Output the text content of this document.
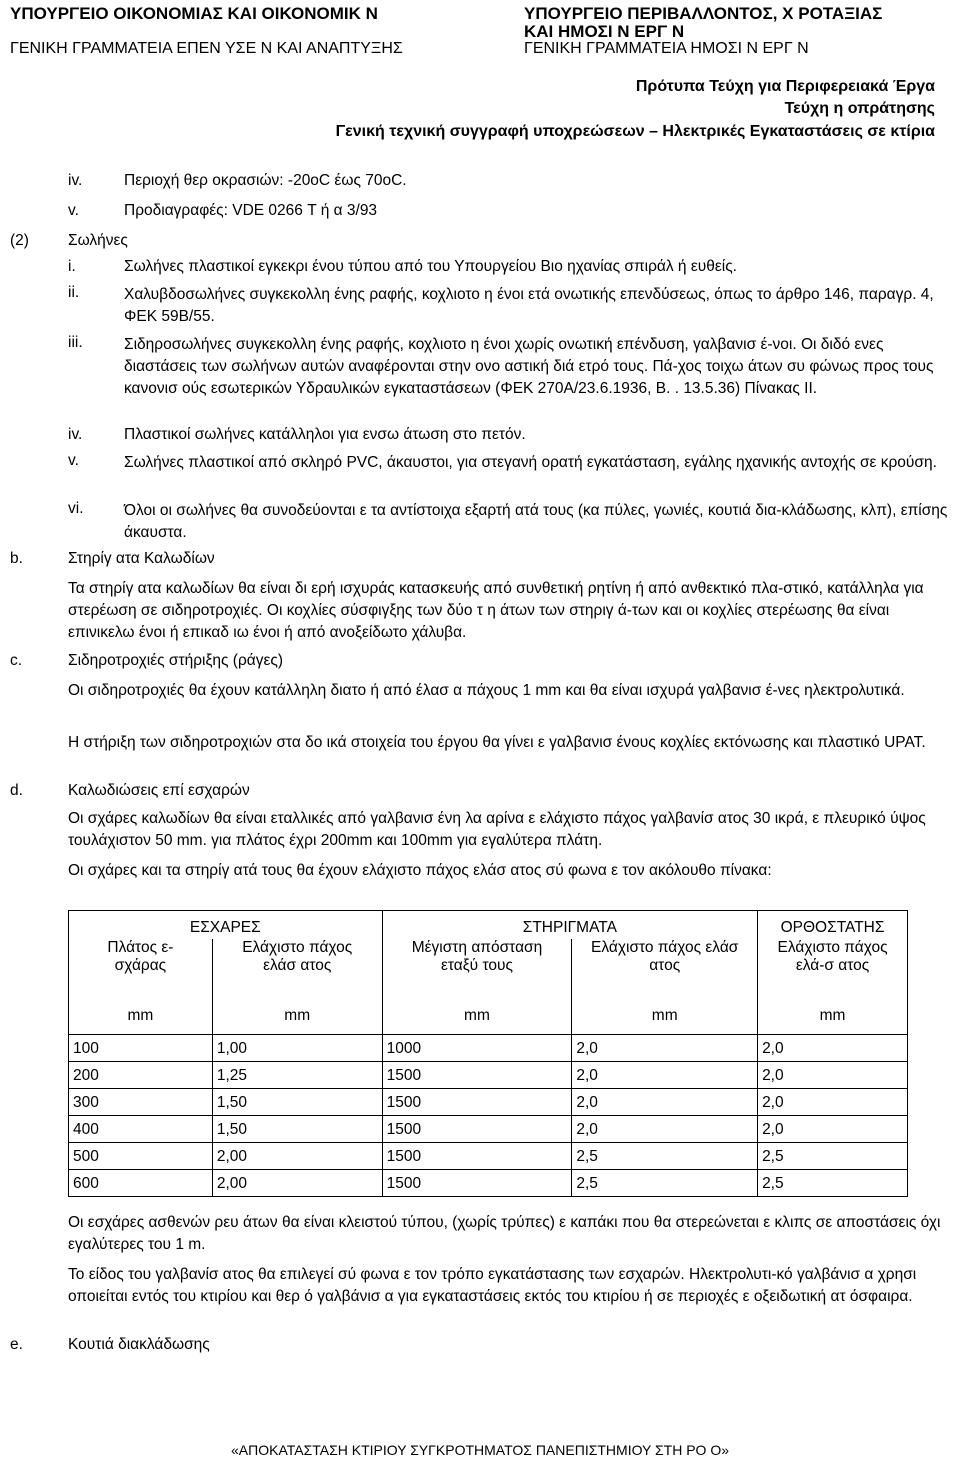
ΥΠΟΥΡΓΕΙΟ ΟΙΚΟΝΟΜΙΑΣ ΚΑΙ ΟΙΚΟΝΟΜΙΚ Ν
ΓΕΝΙΚΗ ΓΡΑΜΜΑΤΕΙΑ ΕΠΕΝ ΥΣΕ Ν ΚΑΙ ΑΝΑΠΤΥΞΗΣ
ΥΠΟΥΡΓΕΙΟ ΠΕΡΙΒΑΛΛΟΝΤΟΣ, Χ ΡΟΤΑΞΙΑΣ
ΚΑΙ ΗΜΟΣΙ Ν ΕΡΓ Ν
ΓΕΝΙΚΗ ΓΡΑΜΜΑΤΕΙΑ ΗΜΟΣΙ Ν ΕΡΓ Ν
Πρότυπα Τεύχη για Περιφερειακά Έργα
Τεύχη η οπράτησης
Γενική τεχνική συγγραφή υποχρεώσεων – Ηλεκτρικές Εγκαταστάσεις σε κτίρια
iv.	Περιοχή θερ οκρασιών: -20oC έως 70oC.
v.	Προδιαγραφές: VDE 0266 Τ ή α 3/93
(2)	Σωλήνες
i.	Σωλήνες πλαστικοί εγκεκρι ένου τύπου από του Υπουργείου Βιο ηχανίας σπιράλ ή ευθείς.
ii.	Χαλυβδοσωλήνες συγκεκολλη ένης ραφής, κοχλιοτο η ένοι ετά ονωτικής επενδύσεως, όπως το άρθρο 146, παραγρ. 4, ΦΕΚ 59Β/55.
iii.	Σιδηροσωλήνες συγκεκολλη ένης ραφής, κοχλιοτο η ένοι χωρίς ονωτική επένδυση, γαλβανισ έ-νοι. Οι διδό ενες διαστάσεις των σωλήνων αυτών αναφέρονται στην ονο αστική διά ετρό τους. Πά-χος τοιχω άτων συ φώνως προς τους κανονισ ούς εσωτερικών Υδραυλικών εγκαταστάσεων (ΦΕΚ 270Α/23.6.1936, Β. . 13.5.36) Πίνακας ΙΙ.
iv.	Πλαστικοί σωλήνες κατάλληλοι για ενσω άτωση στο πετόν.
v.	Σωλήνες πλαστικοί από σκληρό PVC, άκαυστοι, για στεγανή ορατή εγκατάσταση, εγάλης ηχανικής αντοχής σε κρούση.
vi.	Όλοι οι σωλήνες θα συνοδεύονται ε τα αντίστοιχα εξαρτή ατά τους (κα πύλες, γωνιές, κουτιά δια-κλάδωσης, κλπ), επίσης άκαυστα.
b.	Στηρίγ ατα Καλωδίων
Τα στηρίγ ατα καλωδίων θα είναι δι ερή ισχυράς κατασκευής από συνθετική ρητίνη ή από ανθεκτικό πλα-στικό, κατάλληλα για στερέωση σε σιδηροτροχιές. Οι κοχλίες σύσφιγξης των δύο τ η άτων των στηριγ ά-των και οι κοχλίες στερέωσης θα είναι επινικελω ένοι ή επικαδ ιω ένοι ή από ανοξείδωτο χάλυβα.
c.	Σιδηροτροχιές στήριξης (ράγες)
Οι σιδηροτροχιές θα έχουν κατάλληλη διατο ή από έλασ α πάχους 1 mm και θα είναι ισχυρά γαλβανισ έ-νες ηλεκτρολυτικά.
Η στήριξη των σιδηροτροχιών στα δο ικά στοιχεία του έργου θα γίνει ε γαλβανισ ένους κοχλίες εκτόνωσης και πλαστικό UPAT.
d.	Καλωδιώσεις επί εσχαρών
Οι σχάρες καλωδίων θα είναι εταλλικές από γαλβανισ ένη λα αρίνα ε ελάχιστο πάχος γαλβανίσ ατος 30 ικρά, ε πλευρικό ύψος τουλάχιστον 50 mm. για πλάτος έχρι 200mm και 100mm για εγαλύτερα πλάτη.
Οι σχάρες και τα στηρίγ ατά τους θα έχουν ελάχιστο πάχος ελάσ ατος σύ φωνα ε τον ακόλουθο πίνακα:
ΕΣΧΑΡΕΣ		ΣΤΗΡΙΓΜΑΤΑ		ΟΡΘΟΣΤΑΤΗΣ
Πλάτος ε-σχάρας	Ελάχιστο πάχος ελάσ ατος	Μέγιστη απόσταση εταξύ τους	Ελάχιστο πάχος ελάσ ατος	Ελάχιστο πάχος ελά-σ ατος
mm	mm	mm	mm	mm
100	1,00	1000	2,0	2,0
200	1,25	1500	2,0	2,0
300	1,50	1500	2,0	2,0
400	1,50	1500	2,0	2,0
500	2,00	1500	2,5	2,5
600	2,00	1500	2,5	2,5
Οι εσχάρες ασθενών ρευ άτων θα είναι κλειστού τύπου, (χωρίς τρύπες) ε καπάκι που θα στερεώνεται ε κλιπς σε αποστάσεις όχι εγαλύτερες του 1 m.
Το είδος του γαλβανίσ ατος θα επιλεγεί σύ φωνα ε τον τρόπο εγκατάστασης των εσχαρών. Ηλεκτρολυτι-κό γαλβάνισ α χρησι οποιείται εντός του κτιρίου και θερ ό γαλβάνισ α για εγκαταστάσεις εκτός του κτιρίου ή σε περιοχές ε οξειδωτική ατ όσφαιρα.
e.	Κουτιά διακλάδωσης
«ΑΠΟΚΑΤΑΣΤΑΣΗ ΚΤΙΡΙΟΥ ΣΥΓΚΡΟΤΗΜΑΤΟΣ ΠΑΝΕΠΙΣΤΗΜΙΟΥ ΣΤΗ ΡΟ Ο»
